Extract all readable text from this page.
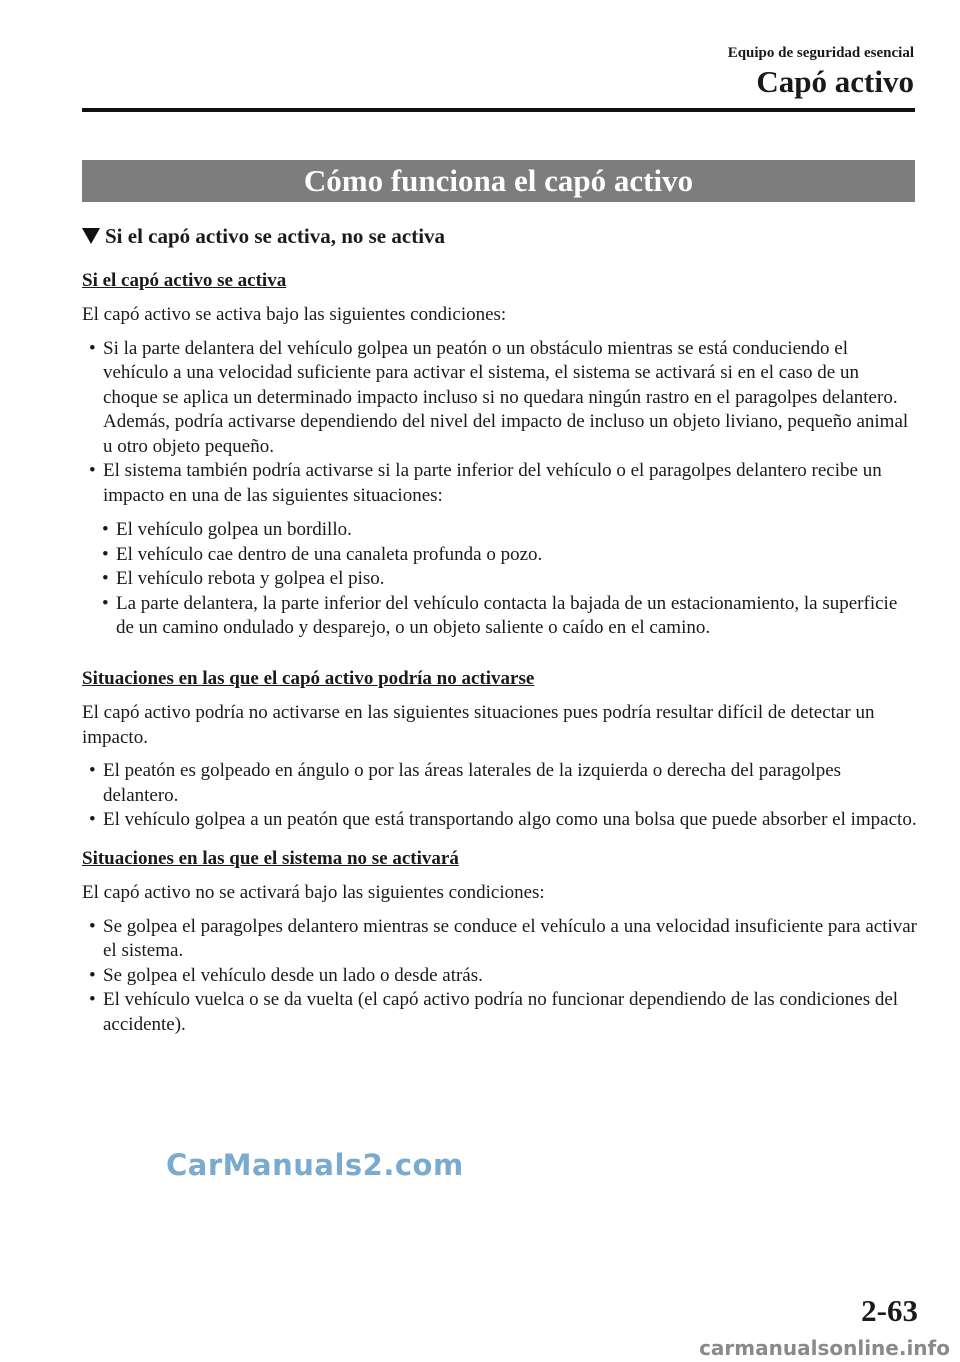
Equipo de seguridad esencial
Capó activo
Cómo funciona el capó activo
Si el capó activo se activa, no se activa
Si el capó activo se activa
El capó activo se activa bajo las siguientes condiciones:
• Si la parte delantera del vehículo golpea un peatón o un obstáculo mientras se está conduciendo el vehículo a una velocidad suficiente para activar el sistema, el sistema se activará si en el caso de un choque se aplica un determinado impacto incluso si no quedara ningún rastro en el paragolpes delantero. Además, podría activarse dependiendo del nivel del impacto de incluso un objeto liviano, pequeño animal u otro objeto pequeño.
• El sistema también podría activarse si la parte inferior del vehículo o el paragolpes delantero recibe un impacto en una de las siguientes situaciones:
• El vehículo golpea un bordillo.
• El vehículo cae dentro de una canaleta profunda o pozo.
• El vehículo rebota y golpea el piso.
• La parte delantera, la parte inferior del vehículo contacta la bajada de un estacionamiento, la superficie de un camino ondulado y desparejo, o un objeto saliente o caído en el camino.
Situaciones en las que el capó activo podría no activarse
El capó activo podría no activarse en las siguientes situaciones pues podría resultar difícil de detectar un impacto.
• El peatón es golpeado en ángulo o por las áreas laterales de la izquierda o derecha del paragolpes delantero.
• El vehículo golpea a un peatón que está transportando algo como una bolsa que puede absorber el impacto.
Situaciones en las que el sistema no se activará
El capó activo no se activará bajo las siguientes condiciones:
• Se golpea el paragolpes delantero mientras se conduce el vehículo a una velocidad insuficiente para activar el sistema.
• Se golpea el vehículo desde un lado o desde atrás.
• El vehículo vuelca o se da vuelta (el capó activo podría no funcionar dependiendo de las condiciones del accidente).
CarManuals2.com
2-63
carmanualsonline.info
